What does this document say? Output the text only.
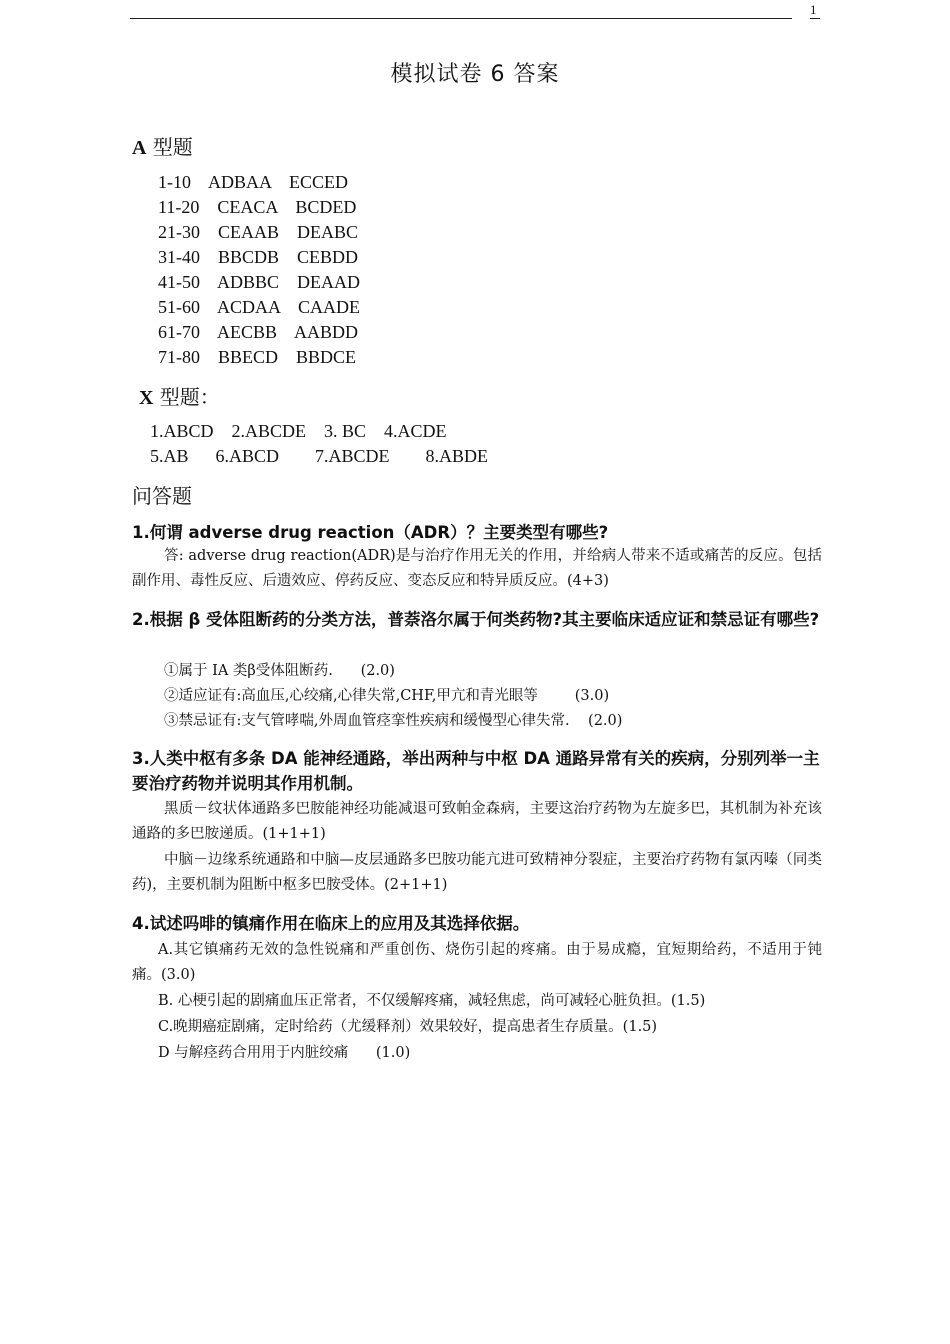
1
模拟试卷 6 答案
A 型题
1-10    ADBAA    ECCED
11-20    CEACA    BCDED
21-30    CEAAB    DEABC
31-40    BBCDB    CEBDD
41-50    ADBBC    DEAAD
51-60    ACDAA    CAADE
61-70    AECBB    AABDD
71-80    BBECD    BBDCE
X 型题：
1.ABCD    2.ABCDE    3. BC    4.ACDE
5.AB      6.ABCD        7.ABCDE        8.ABDE
问答题
1.何谓 adverse drug reaction（ADR）？主要类型有哪些?
答: adverse drug reaction(ADR)是与治疗作用无关的作用，并给病人带来不适或痛苦的反应。包括副作用、毒性反应、后遗效应、停药反应、变态反应和特异质反应。(4+3)
2.根据 β 受体阻断药的分类方法，普萘洛尔属于何类药物?其主要临床适应证和禁忌证有哪些?
①属于 IA 类β受体阻断药.      (2.0)
②适应证有:高血压,心绞痛,心律失常,CHF,甲亢和青光眼等        (3.0)
③禁忌证有:支气管哮喘,外周血管痉挛性疾病和缓慢型心律失常.    (2.0)
3.人类中枢有多条 DA 能神经通路，举出两种与中枢 DA 通路异常有关的疾病，分别列举一主要治疗药物并说明其作用机制。
黑质－纹状体通路多巴胺能神经功能减退可致帕金森病，主要这治疗药物为左旋多巴，其机制为补充该通路的多巴胺递质。(1+1+1)
中脑－边缘系统通路和中脑—皮层通路多巴胺功能亢进可致精神分裂症，主要治疗药物有氯丙嗪（同类药)，主要机制为阻断中枢多巴胺受体。(2+1+1)
4.试述吗啡的镇痛作用在临床上的应用及其选择依据。
A.其它镇痛药无效的急性锐痛和严重创伤、烧伤引起的疼痛。由于易成瘾，宜短期给药，不适用于钝痛。(3.0)
B. 心梗引起的剧痛血压正常者，不仅缓解疼痛，减轻焦虑，尚可减轻心脏负担。(1.5)
C.晚期癌症剧痛，定时给药（尤缓释剂）效果较好，提高患者生存质量。(1.5)
D 与解痉药合用用于内脏绞痛      (1.0)
